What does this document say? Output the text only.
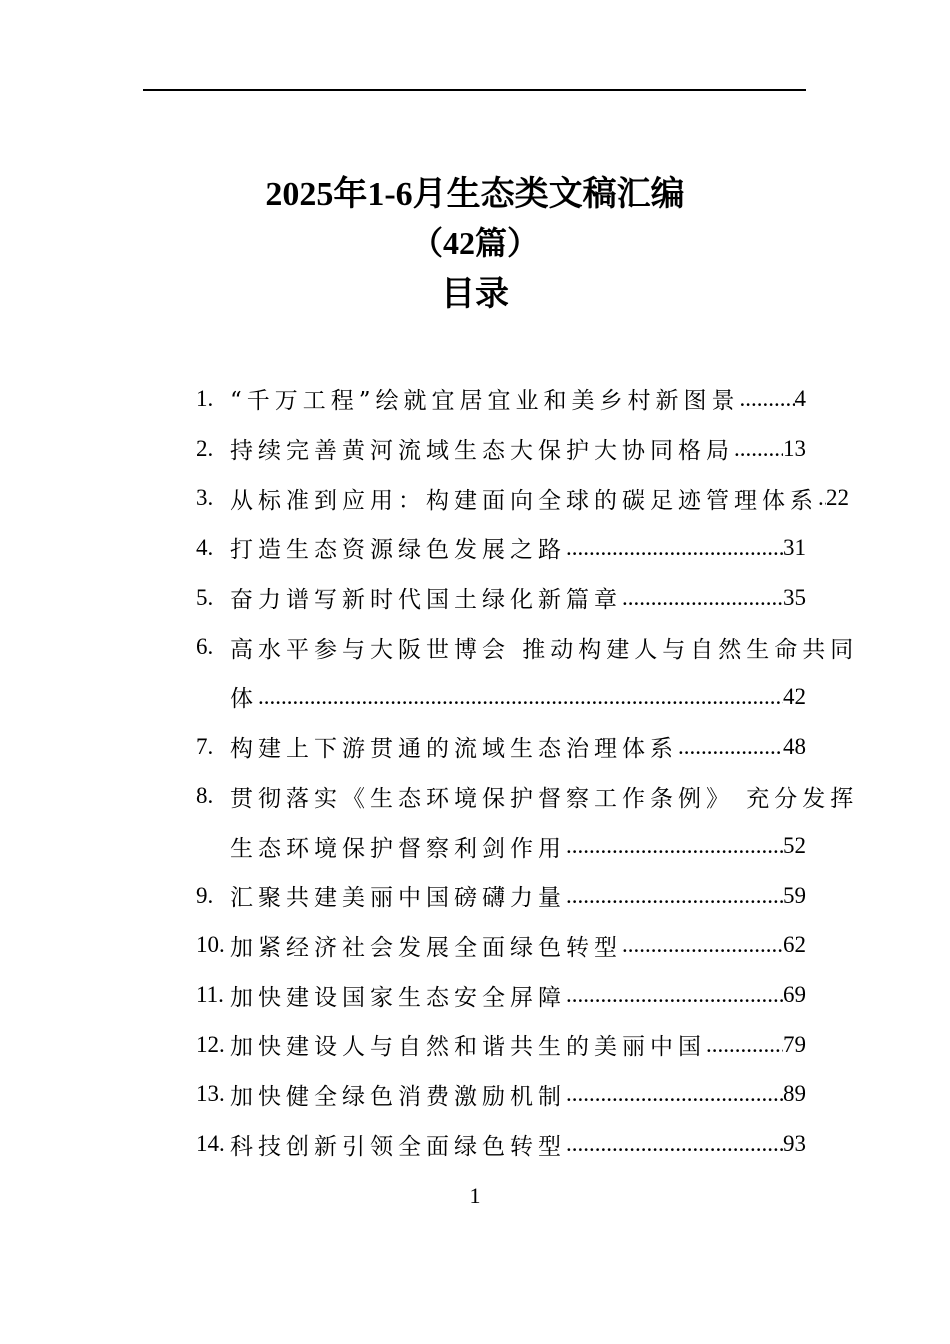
2025年1-6月生态类文稿汇编
（42篇）
目录
1. “千万工程”绘就宜居宜业和美乡村新图景 ..... 4
2. 持续完善黄河流域生态大保护大协同格局 ..... 13
3. 从标准到应用：构建面向全球的碳足迹管理体系 ..... 22
4. 打造生态资源绿色发展之路 .....	31
5. 奋力谱写新时代国土绿化新篇章 .....	35
6. 高水平参与大阪世博会 推动构建人与自然生命共同
体 .....	42
7. 构建上下游贯通的流域生态治理体系 .....	48
8. 贯彻落实《生态环境保护督察工作条例》 充分发挥
生态环境保护督察利剑作用 .....	52
9. 汇聚共建美丽中国磅礴力量 .....	59
10. 加紧经济社会发展全面绿色转型 .....	62
11. 加快建设国家生态安全屏障 .....	69
12. 加快建设人与自然和谐共生的美丽中国 .....	79
13. 加快健全绿色消费激励机制 .....	89
14. 科技创新引领全面绿色转型 .....	93
1
